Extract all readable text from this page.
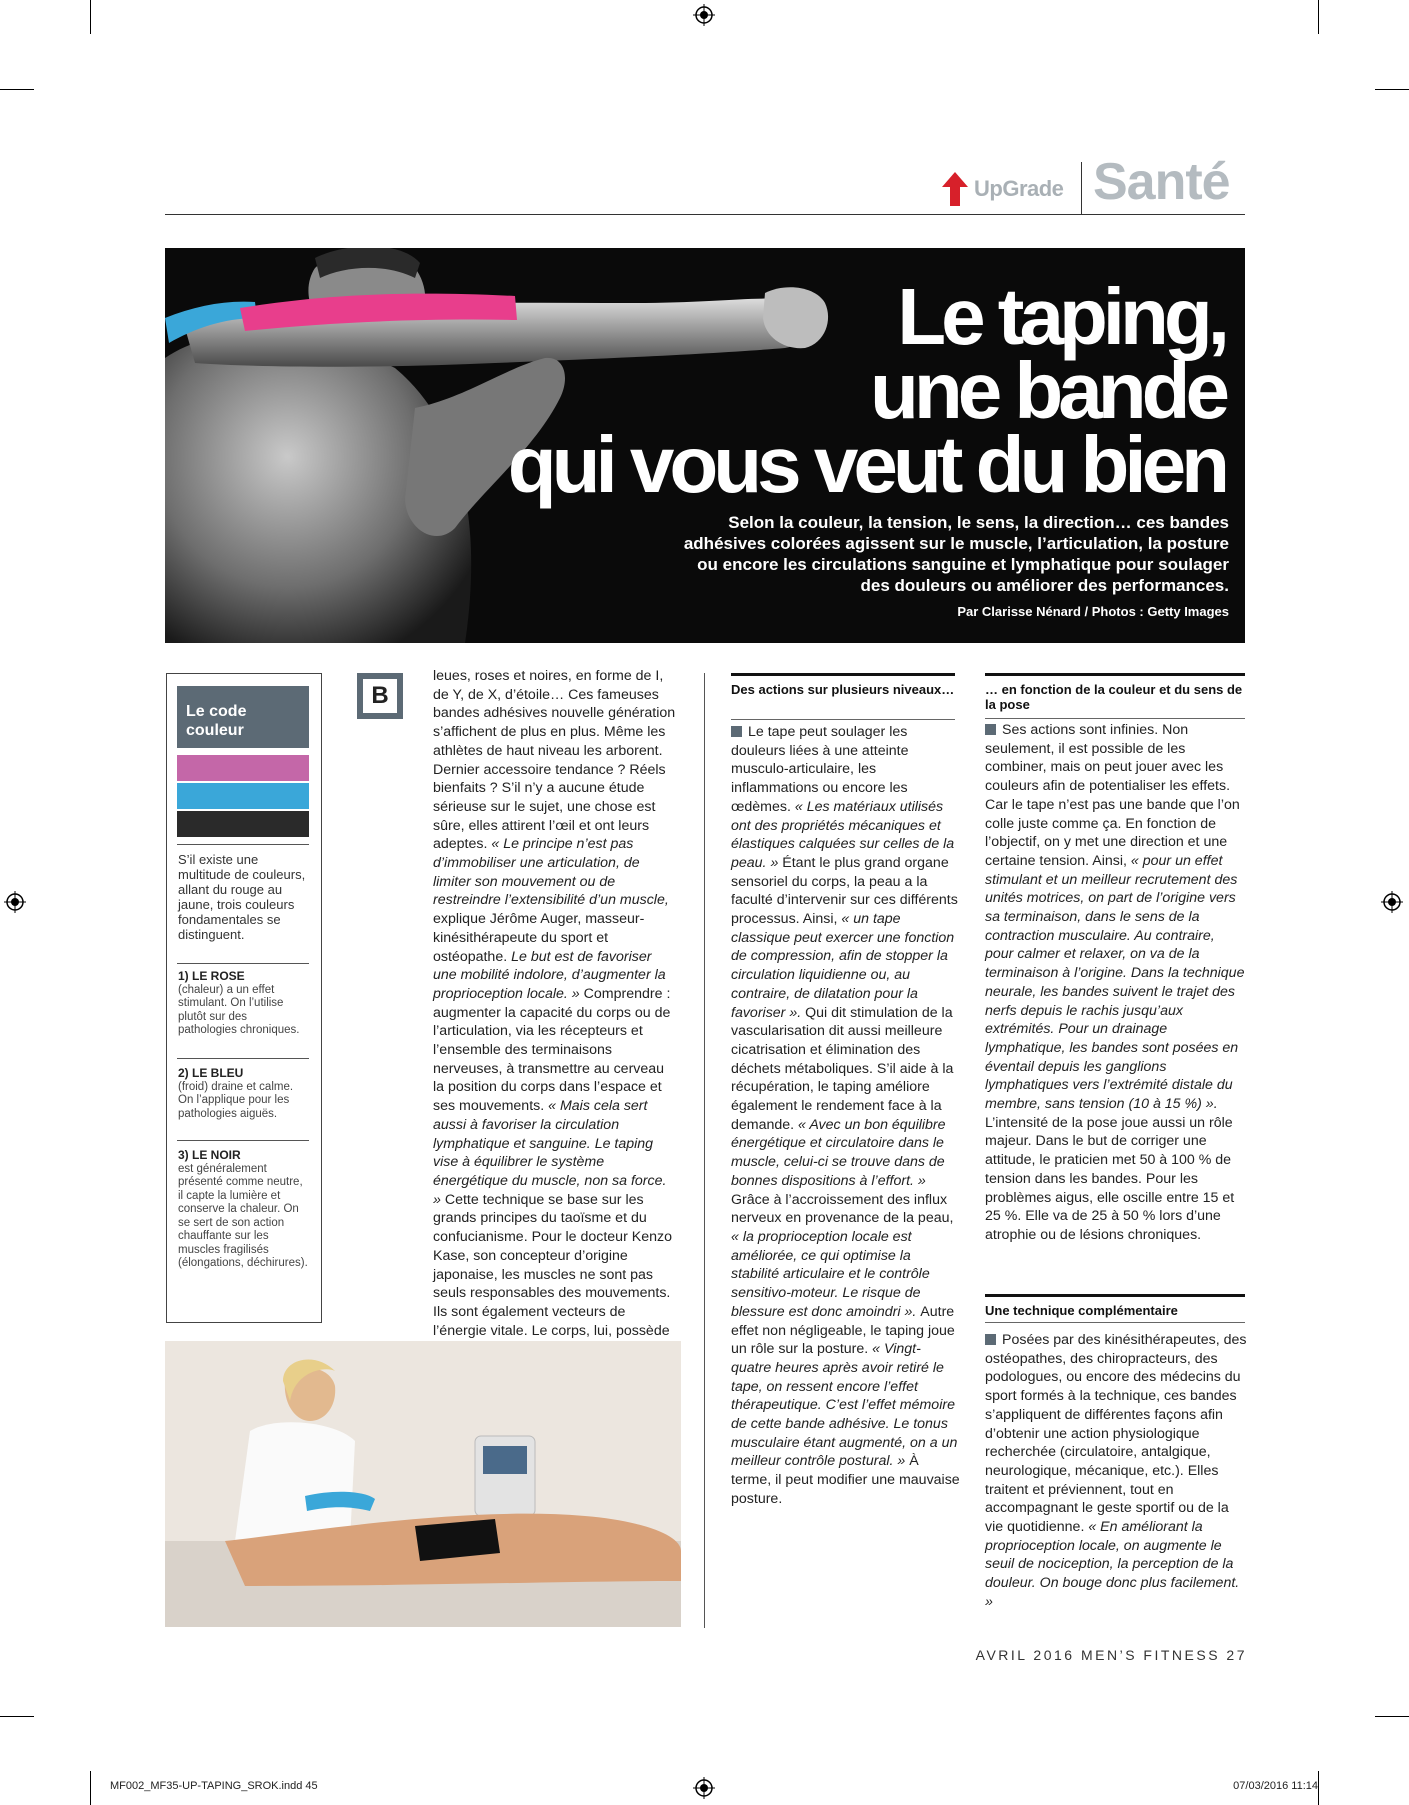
UpGrade Santé
Le taping,
une bande
qui vous veut du bien
Selon la couleur, la tension, le sens, la direction… ces bandes adhésives colorées agissent sur le muscle, l’articulation, la posture ou encore les circulations sanguine et lymphatique pour soulager des douleurs ou améliorer des performances.
Par Clarisse Nénard / Photos : Getty Images
Le code couleur
S’il existe une multitude de couleurs, allant du rouge au jaune, trois couleurs fondamentales se distinguent.
1) LE ROSE
(chaleur) a un effet stimulant. On l’utilise plutôt sur des pathologies chroniques.
2) LE BLEU
(froid) draine et calme. On l’applique pour les pathologies aiguës.
3) LE NOIR
est généralement présenté comme neutre, il capte la lumière et conserve la chaleur. On se sert de son action chauffante sur les muscles fragilisés (élongations, déchirures).
B

leues, roses et noires, en forme de I, de Y, de X, d’étoile… Ces fameuses bandes adhésives nouvelle génération s’affichent de plus en plus. Même les athlètes de haut niveau les arborent. Dernier accessoire tendance ? Réels bienfaits ? S’il n’y a aucune étude sérieuse sur le sujet, une chose est sûre, elles attirent l’œil et ont leurs adeptes. « Le principe n’est pas d’immobiliser une articulation, de limiter son mouvement ou de restreindre l’extensibilité d’un muscle, explique Jérôme Auger, masseur-kinésithérapeute du sport et ostéopathe. Le but est de favoriser une mobilité indolore, d’augmenter la proprioception locale. » Comprendre : augmenter la capacité du corps ou de l’articulation, via les récepteurs et l’ensemble des terminaisons nerveuses, à transmettre au cerveau la position du corps dans l’espace et ses mouvements. « Mais cela sert aussi à favoriser la circulation lymphatique et sanguine. Le taping vise à équilibrer le système énergétique du muscle, non sa force. » Cette technique se base sur les grands principes du taoïsme et du confucianisme. Pour le docteur Kenzo Kase, son concepteur d’origine japonaise, les muscles ne sont pas seuls responsables des mouvements. Ils sont également vecteurs de l’énergie vitale. Le corps, lui, possède

Des actions sur plusieurs niveaux…

Le tape peut soulager les douleurs liées à une atteinte musculo-articulaire, les inflammations ou encore les œdèmes. « Les matériaux utilisés ont des propriétés mécaniques et élastiques calquées sur celles de la peau. » Étant le plus grand organe sensoriel du corps, la peau a la faculté d’intervenir sur ces différents processus. Ainsi, « un tape classique peut exercer une fonction de compression, afin de stopper la circulation liquidienne ou, au contraire, de dilatation pour la favoriser ». Qui dit stimulation de la vascularisation dit aussi meilleure cicatrisation et élimination des déchets métaboliques. S’il aide à la récupération, le taping améliore également le rendement face à la demande. « Avec un bon équilibre énergétique et circulatoire dans le muscle, celui-ci se trouve dans de bonnes dispositions à l’effort. » Grâce à l’accroissement des influx nerveux en provenance de la peau, « la proprioception locale est améliorée, ce qui optimise la stabilité articulaire et le contrôle sensitivo-moteur. Le risque de blessure est donc amoindri ». Autre effet non négligeable, le taping joue un rôle sur la posture. « Vingt-quatre heures après avoir retiré le tape, on ressent encore l’effet thérapeutique. C’est l’effet mémoire de cette bande adhésive. Le tonus musculaire étant augmenté, on a un meilleur contrôle postural. » À terme, il peut modifier une mauvaise posture.

… en fonction de la couleur et du sens de la pose

Ses actions sont infinies. Non seulement, il est possible de les combiner, mais on peut jouer avec les couleurs afin de potentialiser les effets. Car le tape n’est pas une bande que l’on colle juste comme ça. En fonction de l’objectif, on y met une direction et une certaine tension. Ainsi, « pour un effet stimulant et un meilleur recrutement des unités motrices, on part de l’origine vers sa terminaison, dans le sens de la contraction musculaire. Au contraire, pour calmer et relaxer, on va de la terminaison à l’origine. Dans la technique neurale, les bandes suivent le trajet des nerfs depuis le rachis jusqu’aux extrémités. Pour un drainage lymphatique, les bandes sont posées en éventail depuis les ganglions lymphatiques vers l’extrémité distale du membre, sans tension (10 à 15 %) ». L’intensité de la pose joue aussi un rôle majeur. Dans le but de corriger une attitude, le praticien met 50 à 100 % de tension dans les bandes. Pour les problèmes aigus, elle oscille entre 15 et 25 %. Elle va de 25 à 50 % lors d’une atrophie ou de lésions chroniques.

Une technique complémentaire

Posées par des kinésithérapeutes, des ostéopathes, des chiropracteurs, des podologues, ou encore des médecins du sport formés à la technique, ces bandes s’appliquent de différentes façons afin d’obtenir une action physiologique recherchée (circulatoire, antalgique, neurologique, mécanique, etc.). Elles traitent et préviennent, tout en accompagnant le geste sportif ou de la vie quotidienne. « En améliorant la proprioception locale, on augmente le seuil de nociception, la perception de la douleur. On bouge donc plus facilement. »

AVRIL 2016 MEN’S FITNESS 27
MF002_MF35-UP-TAPING_SROK.indd 45	07/03/2016 11:14
